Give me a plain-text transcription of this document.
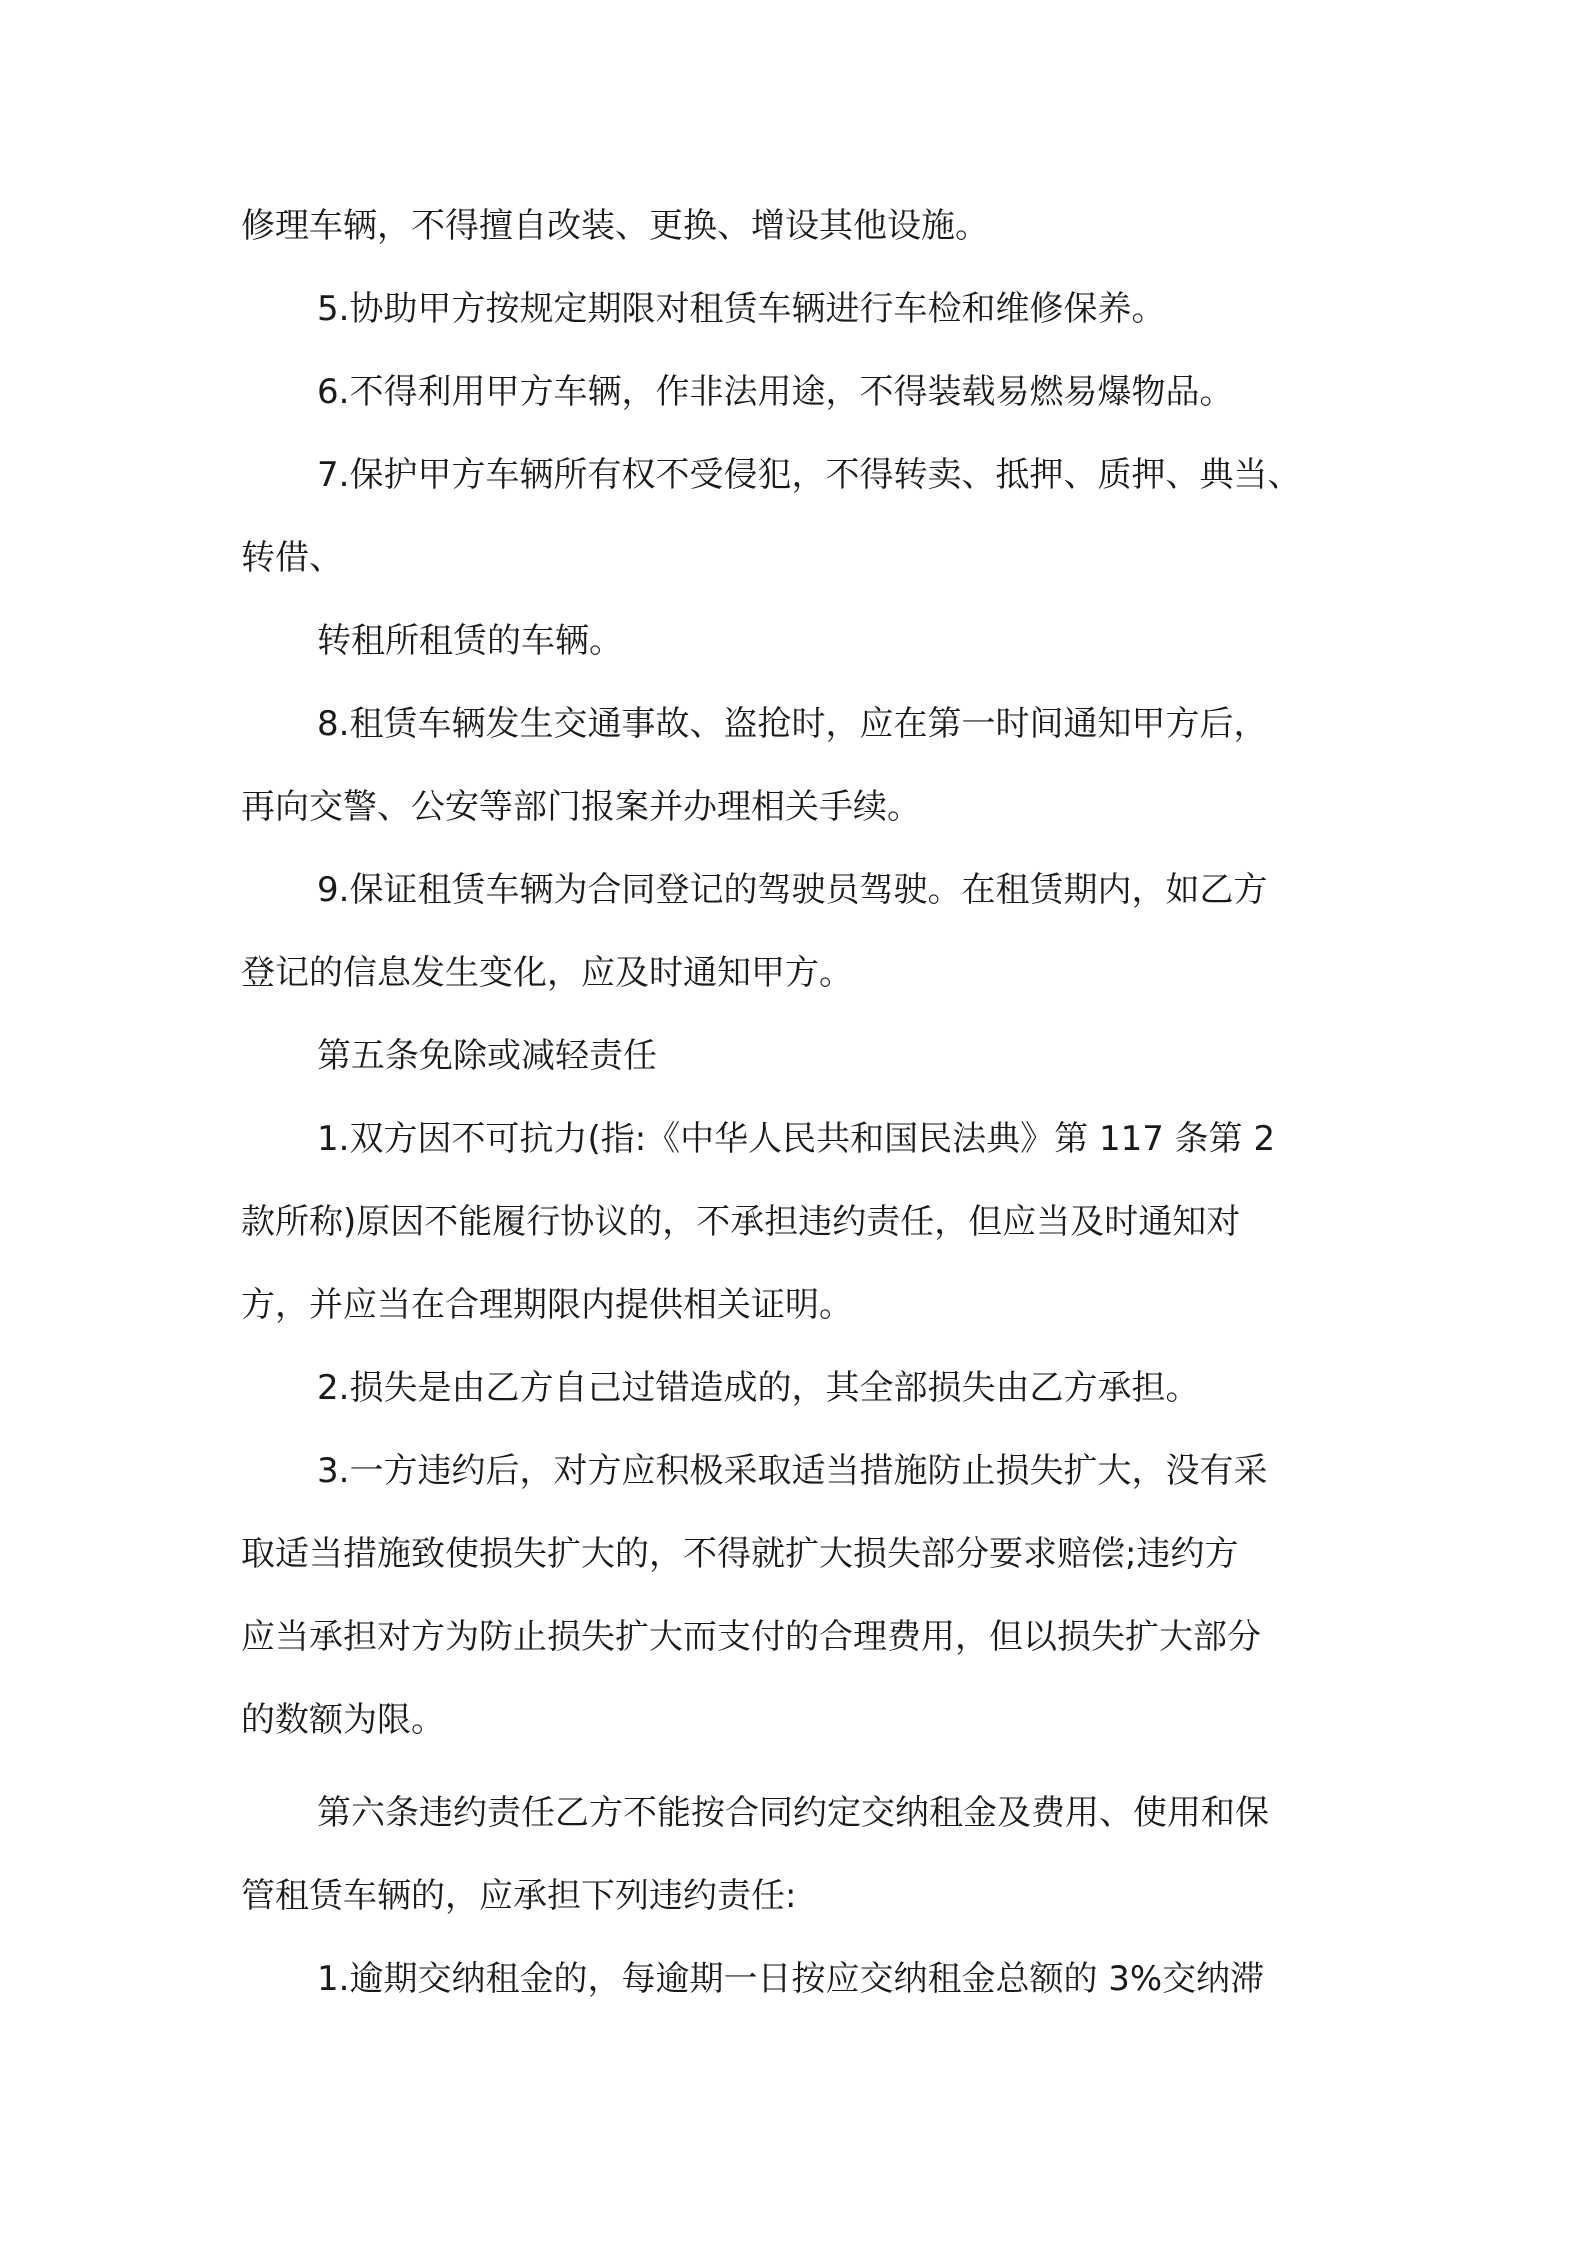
修理车辆，不得擅自改装、更换、增设其他设施。
5.协助甲方按规定期限对租赁车辆进行车检和维修保养。
6.不得利用甲方车辆，作非法用途，不得装载易燃易爆物品。
7.保护甲方车辆所有权不受侵犯，不得转卖、抵押、质押、典当、
转借、
转租所租赁的车辆。
8.租赁车辆发生交通事故、盗抢时，应在第一时间通知甲方后，
再向交警、公安等部门报案并办理相关手续。
9.保证租赁车辆为合同登记的驾驶员驾驶。在租赁期内，如乙方
登记的信息发生变化，应及时通知甲方。
第五条免除或减轻责任
1.双方因不可抗力(指:《中华人民共和国民法典》第 117 条第 2
款所称)原因不能履行协议的，不承担违约责任，但应当及时通知对
方，并应当在合理期限内提供相关证明。
2.损失是由乙方自己过错造成的，其全部损失由乙方承担。
3.一方违约后，对方应积极采取适当措施防止损失扩大，没有采
取适当措施致使损失扩大的，不得就扩大损失部分要求赔偿;违约方
应当承担对方为防止损失扩大而支付的合理费用，但以损失扩大部分
的数额为限。
第六条违约责任乙方不能按合同约定交纳租金及费用、使用和保
管租赁车辆的，应承担下列违约责任:
1.逾期交纳租金的，每逾期一日按应交纳租金总额的 3%交纳滞
